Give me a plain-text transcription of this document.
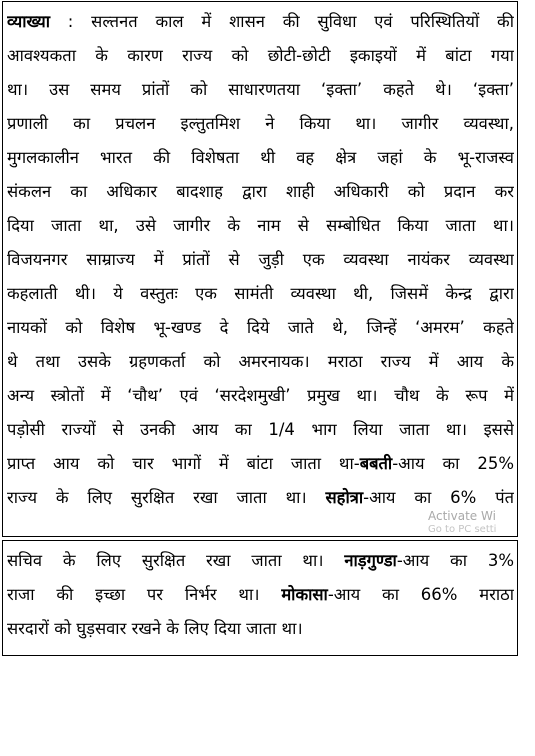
व्याख्या : सल्तनत काल में शासन की सुविधा एवं परिस्थितियों की
आवश्यकता के कारण राज्य को छोटी-छोटी इकाइयों में बांटा गया
था। उस समय प्रांतों को साधारणतया ‘इक्ता’ कहते थे। ‘इक्ता’
प्रणाली का प्रचलन इल्तुतमिश ने किया था। जागीर व्यवस्था,
मुगलकालीन भारत की विशेषता थी वह क्षेत्र जहां के भू-राजस्व
संकलन का अधिकार बादशाह द्वारा शाही अधिकारी को प्रदान कर
दिया जाता था, उसे जागीर के नाम से सम्बोधित किया जाता था।
विजयनगर साम्राज्य में प्रांतों से जुड़ी एक व्यवस्था नायंकर व्यवस्था
कहलाती थी। ये वस्तुतः एक सामंती व्यवस्था थी, जिसमें केन्द्र द्वारा
नायकों को विशेष भू-खण्ड दे दिये जाते थे, जिन्हें ‘अमरम’ कहते
थे तथा उसके ग्रहणकर्ता को अमरनायक। मराठा राज्य में आय के
अन्य स्त्रोतों में ‘चौथ’ एवं ‘सरदेशमुखी’ प्रमुख था। चौथ के रूप में
पड़ोसी राज्यों से उनकी आय का 1/4 भाग लिया जाता था। इससे
प्राप्त आय को चार भागों में बांटा जाता था-बबती-आय का 25%
राज्य के लिए सुरक्षित रखा जाता था। सहोत्रा-आय का 6% पंत
Activate Wi
Go to PC setti
सचिव के लिए सुरक्षित रखा जाता था। नाड़गुण्डा-आय का 3%
राजा की इच्छा पर निर्भर था। मोकासा-आय का 66% मराठा
सरदारों को घुड़सवार रखने के लिए दिया जाता था।
